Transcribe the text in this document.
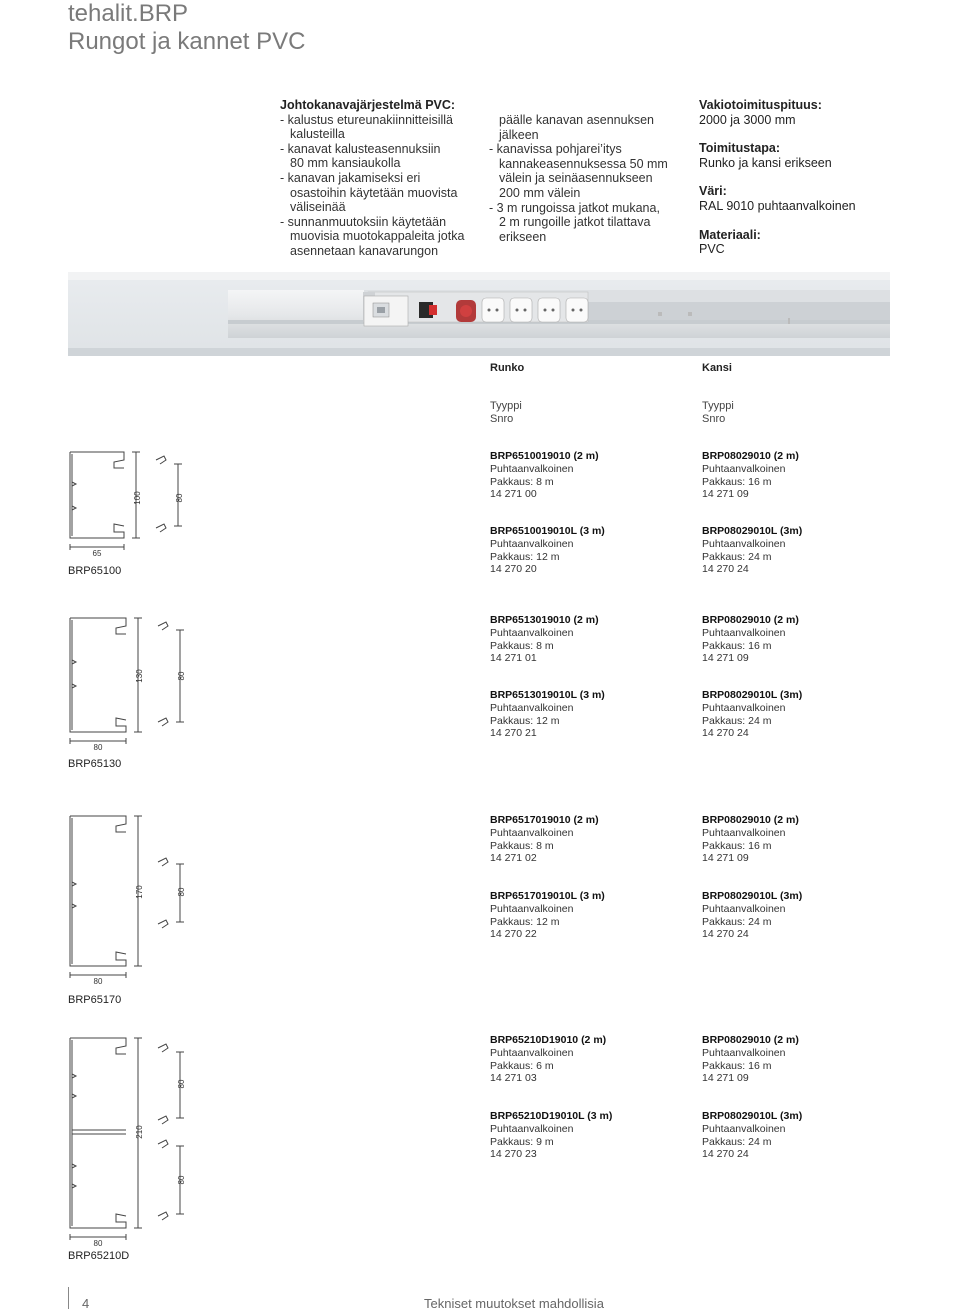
tehalit.BRP
Rungot ja kannet PVC
Johtokanavajärjestelmä PVC:
- kalustus etureunakiinnitteisillä
kalusteilla
- kanavat kalusteasennuksiin
80 mm kansiaukolla
- kanavan jakamiseksi eri
osastoihin käytetään muovista
väliseinää
- sunnanmuutoksiin käytetään
muovisia muotokappaleita jotka
asennetaan kanavarungon
päälle kanavan asennuksen
jälkeen
- kanavissa pohjarei’itys
kannakeasennuksessa 50 mm
välein ja seinäasennukseen
200 mm välein
- 3 m rungoissa jatkot mukana,
2 m rungoille jatkot tilattava
erikseen
Vakiotoimituspituus:
2000 ja 3000 mm
Toimitustapa:
Runko ja kansi erikseen
Väri:
RAL 9010 puhtaanvalkoinen
Materiaali:
PVC
Runko	Kansi
Tyyppi
Snro
Tyyppi
Snro
100	80
65
BRP65100
BRP6510019010 (2 m)
Puhtaanvalkoinen
Pakkaus: 8 m
14 271 00
BRP08029010 (2 m)
Puhtaanvalkoinen
Pakkaus: 16 m
14 271 09
BRP6510019010L (3 m)
Puhtaanvalkoinen
Pakkaus: 12 m
14 270 20
BRP08029010L (3m)
Puhtaanvalkoinen
Pakkaus: 24 m
14 270 24
130	80
80
BRP65130
BRP6513019010 (2 m)
Puhtaanvalkoinen
Pakkaus: 8 m
14 271 01
BRP08029010 (2 m)
Puhtaanvalkoinen
Pakkaus: 16 m
14 271 09
BRP6513019010L (3 m)
Puhtaanvalkoinen
Pakkaus: 12 m
14 270 21
BRP08029010L (3m)
Puhtaanvalkoinen
Pakkaus: 24 m
14 270 24
170	80
80
BRP65170
BRP6517019010 (2 m)
Puhtaanvalkoinen
Pakkaus: 8 m
14 271 02
BRP08029010 (2 m)
Puhtaanvalkoinen
Pakkaus: 16 m
14 271 09
BRP6517019010L (3 m)
Puhtaanvalkoinen
Pakkaus: 12 m
14 270 22
BRP08029010L (3m)
Puhtaanvalkoinen
Pakkaus: 24 m
14 270 24
210
80
80
80
BRP65210D
BRP65210D19010 (2 m)
Puhtaanvalkoinen
Pakkaus: 6 m
14 271 03
BRP08029010 (2 m)
Puhtaanvalkoinen
Pakkaus: 16 m
14 271 09
BRP65210D19010L (3 m)
Puhtaanvalkoinen
Pakkaus: 9 m
14 270 23
BRP08029010L (3m)
Puhtaanvalkoinen
Pakkaus: 24 m
14 270 24
4	Tekniset muutokset mahdollisia
